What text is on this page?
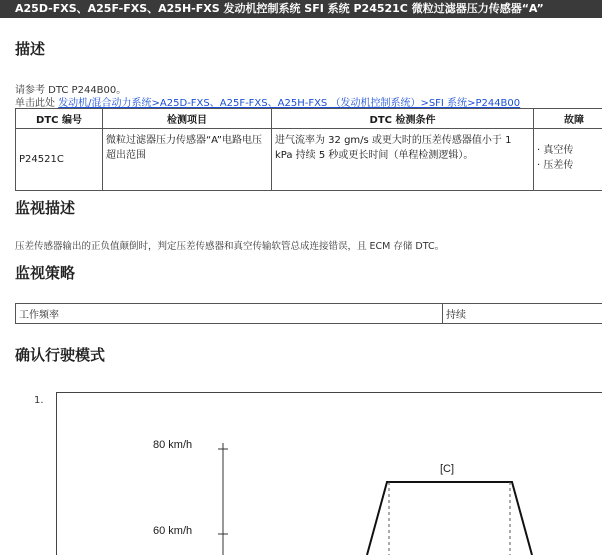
A25D-FXS、A25F-FXS、A25H-FXS 发动机控制系统 SFI 系统 P24521C 微粒过滤器压力传感器“A”
描述
请参考 DTC P244B00。
单击此处 发动机/混合动力系统>A25D-FXS、A25F-FXS、A25H-FXS （发动机控制系统）>SFI 系统>P244B00
DTC 编号	检测项目	DTC 检测条件	故障
P24521C	微粒过滤器压力传感器“A”电路电压超出范围	进气流率为 32 gm/s 或更大时的压差传感器值小于 1 kPa 持续 5 秒或更长时间（单程检测逻辑）。	· 真空传
· 压差传
监视描述
压差传感器输出的正负值颠倒时，判定压差传感器和真空传输软管总成连接错误，且 ECM 存储 DTC。
监视策略
工作频率	持续
确认行驶模式
1.
80 km/h
60 km/h
[C]
